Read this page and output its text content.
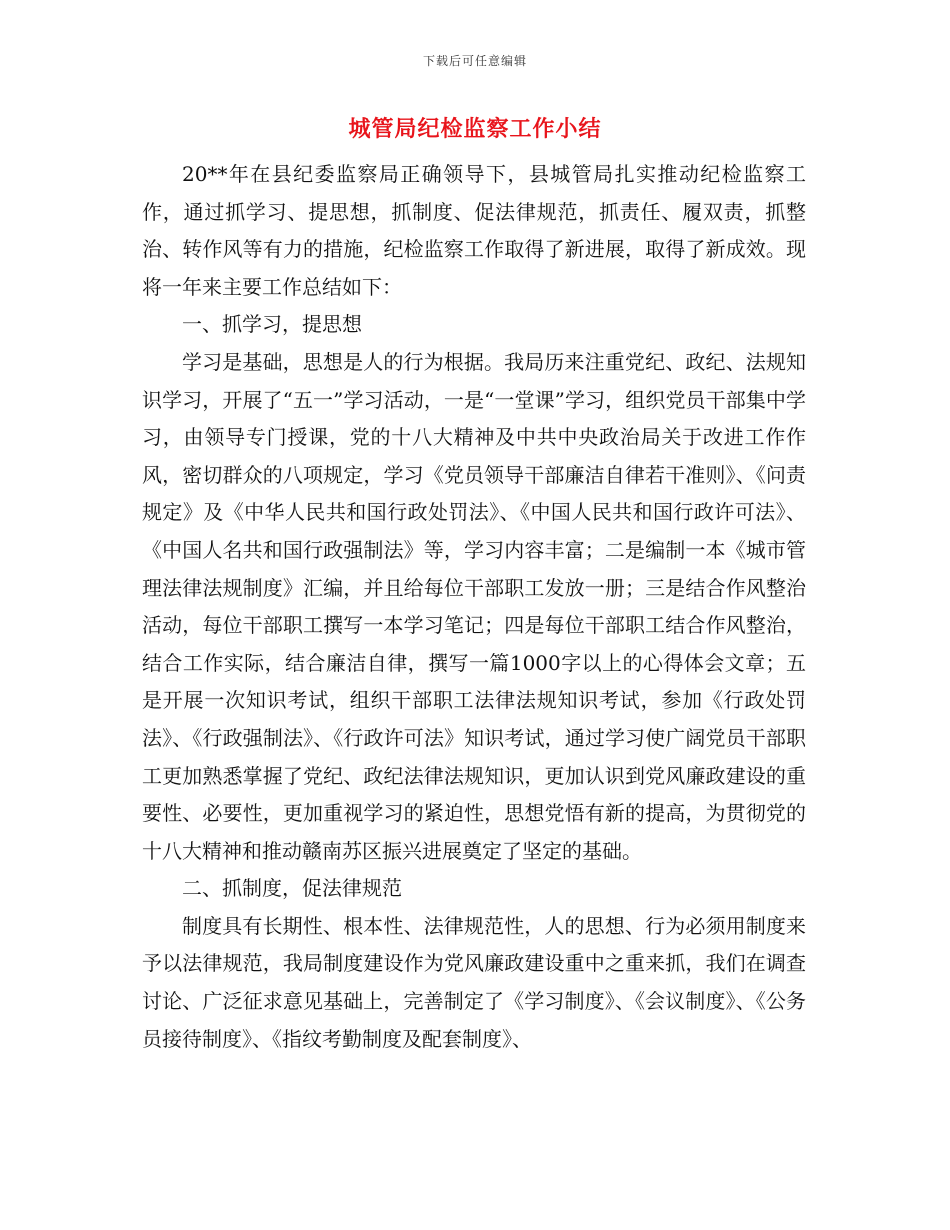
下载后可任意编辑
城管局纪检监察工作小结

20**年在县纪委监察局正确领导下，县城管局扎实推动纪检监察工作，通过抓学习、提思想，抓制度、促法律规范，抓责任、履双责，抓整治、转作风等有力的措施，纪检监察工作取得了新进展，取得了新成效。现将一年来主要工作总结如下：

一、抓学习，提思想

学习是基础，思想是人的行为根据。我局历来注重党纪、政纪、法规知识学习，开展了“五一”学习活动，一是“一堂课”学习，组织党员干部集中学习，由领导专门授课，党的十八大精神及中共中央政治局关于改进工作作风，密切群众的八项规定，学习《党员领导干部廉洁自律若干准则》、《问责规定》及《中华人民共和国行政处罚法》、《中国人民共和国行政许可法》、《中国人名共和国行政强制法》等，学习内容丰富；二是编制一本《城市管理法律法规制度》汇编，并且给每位干部职工发放一册；三是结合作风整治活动，每位干部职工撰写一本学习笔记；四是每位干部职工结合作风整治，结合工作实际，结合廉洁自律，撰写一篇1000字以上的心得体会文章；五是开展一次知识考试，组织干部职工法律法规知识考试，参加《行政处罚法》、《行政强制法》、《行政许可法》知识考试，通过学习使广阔党员干部职工更加熟悉掌握了党纪、政纪法律法规知识，更加认识到党风廉政建设的重要性、必要性，更加重视学习的紧迫性，思想党悟有新的提高，为贯彻党的十八大精神和推动赣南苏区振兴进展奠定了坚定的基础。

二、抓制度，促法律规范

制度具有长期性、根本性、法律规范性，人的思想、行为必须用制度来予以法律规范，我局制度建设作为党风廉政建设重中之重来抓，我们在调查讨论、广泛征求意见基础上，完善制定了《学习制度》、《会议制度》、《公务员接待制度》、《指纹考勤制度及配套制度》、
